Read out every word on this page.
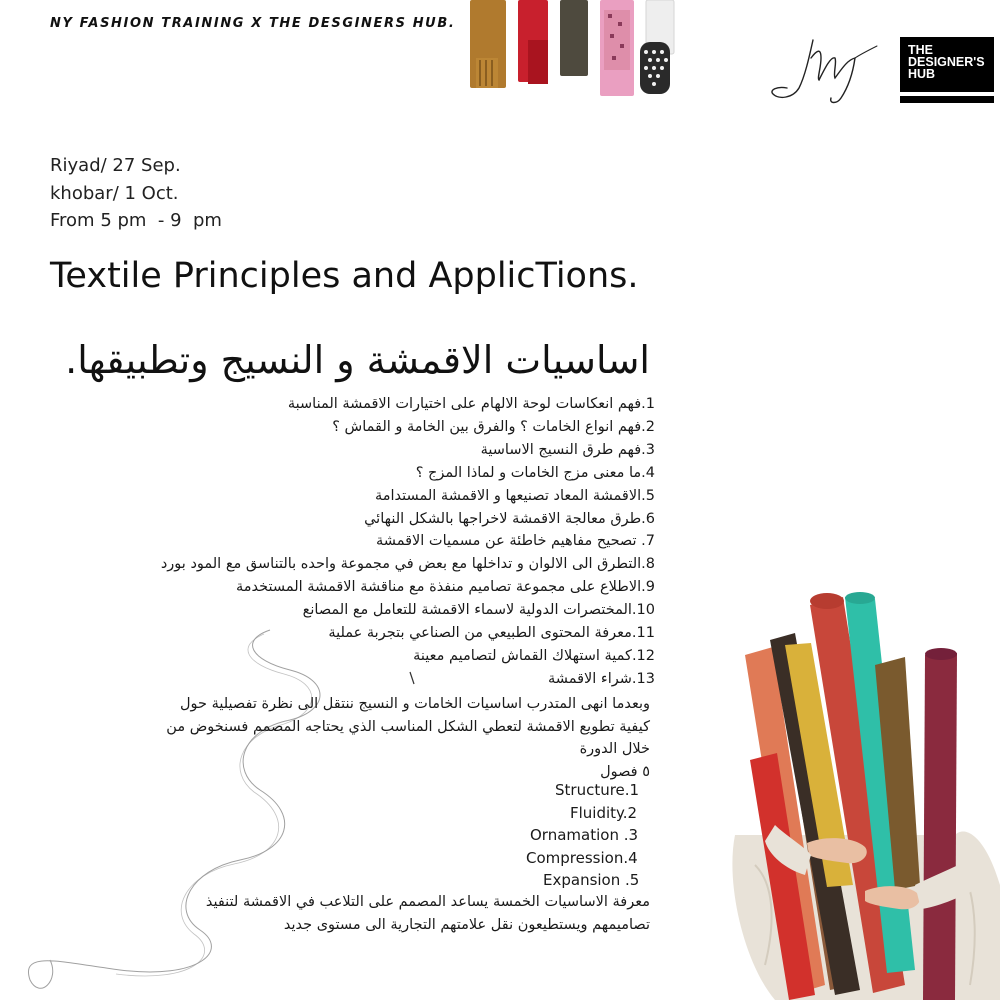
NY FASHION TRAINING X THE DESGINERS HUB.
THE
DESIGNER'S
HUB
Riyad/ 27 Sep.
khobar/ 1 Oct.
From 5 pm  - 9  pm
Textile Principles and ApplicTions.
اساسيات الاقمشة و النسيج وتطبيقها.
1.فهم انعكاسات لوحة الالهام على اختيارات الاقمشة المناسبة
2.فهم انواع الخامات ؟ والفرق بين الخامة و القماش ؟
3.فهم طرق النسيج الاساسية
4.ما معنى مزج الخامات و لماذا المزج ؟
5.الاقمشة المعاد تصنيعها و الاقمشة المستدامة
6.طرق معالجة الاقمشة لاخراجها بالشكل النهائي
7. تصحيح مفاهيم خاطئة عن مسميات الاقمشة
8.التطرق الى الالوان و تداخلها مع بعض في مجموعة واحده بالتناسق مع المود بورد
9.الاطلاع على مجموعة تصاميم منفذة مع مناقشة الاقمشة المستخدمة
10.المختصرات الدولية لاسماء الاقمشة للتعامل مع المصانع
11.معرفة المحتوى الطبيعي من الصناعي بتجربة عملية
12.كمية استهلاك القماش لتصاميم معينة
13.شراء الاقمشة
وبعدما انهى المتدرب اساسيات الخامات و النسيج ننتقل الى نظرة تفصيلية حول
كيفية تطويع الاقمشة لتعطي الشكل المناسب الذي يحتاجه المصمم فسنخوض من
خلال الدورة
٥ فصول
Structure.1
Fluidity.2
Ornamation .3
Compression.4
Expansion .5
معرفة الاساسيات الخمسة يساعد المصمم على التلاعب في الاقمشة لتنفيذ
تصاميمهم ويستطيعون نقل علامتهم التجارية الى مستوى جديد
